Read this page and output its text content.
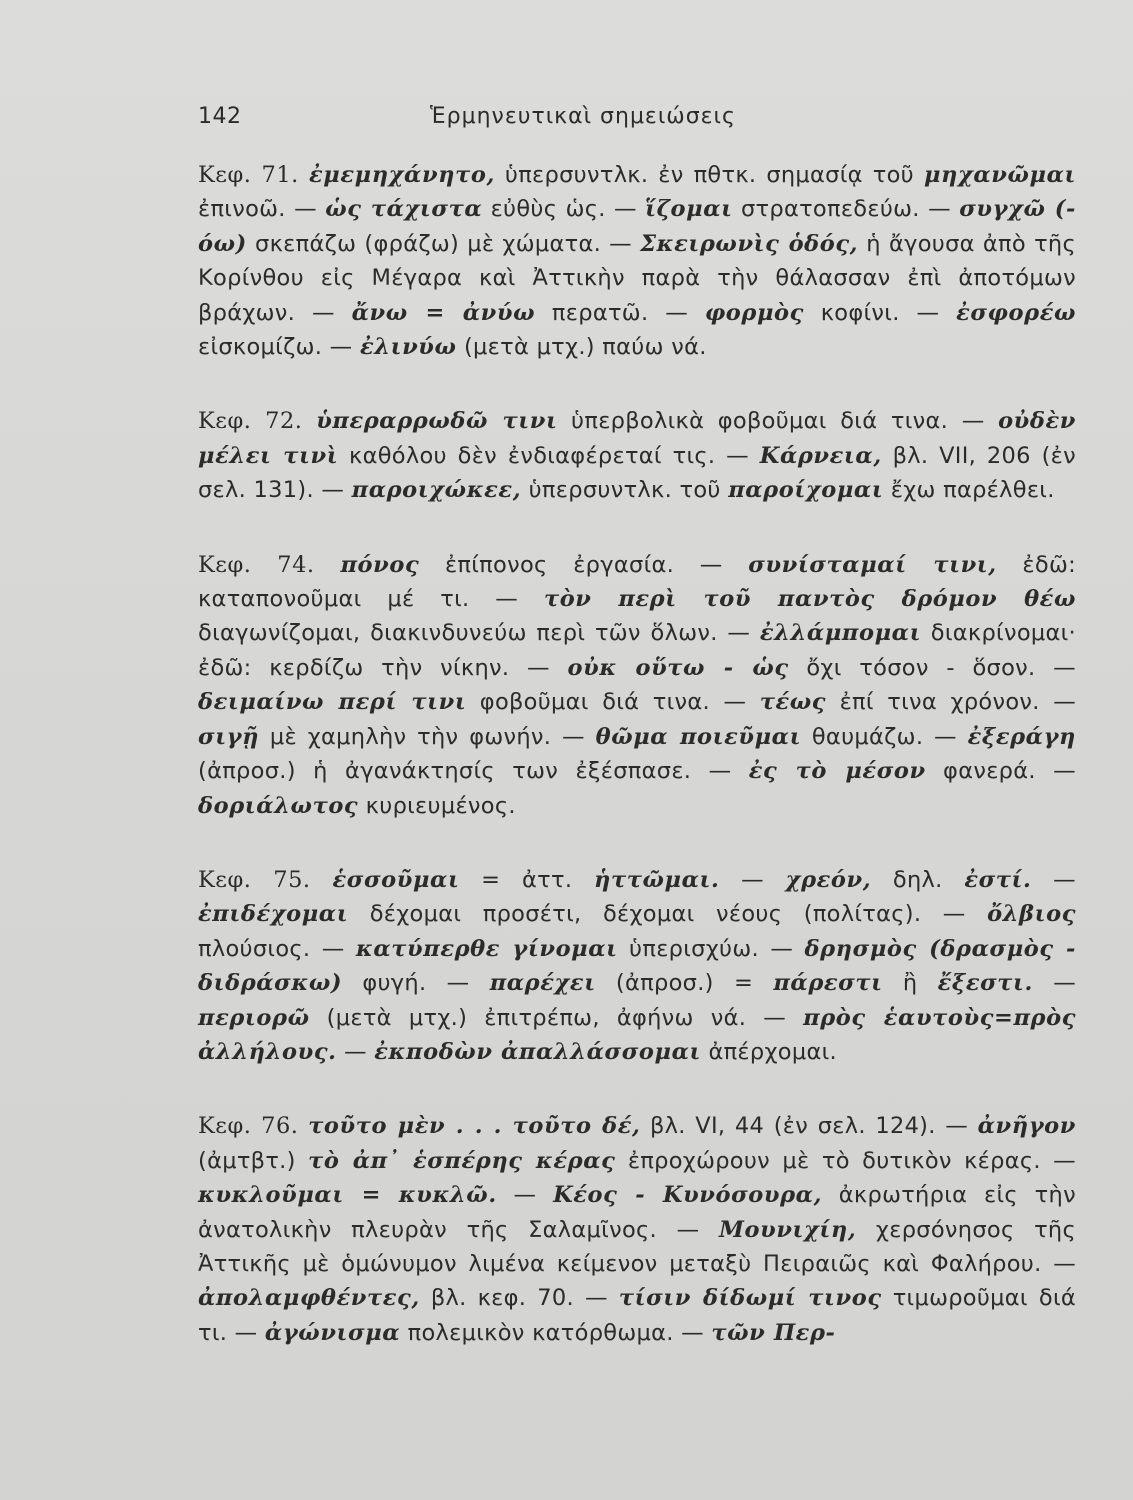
142	Ἑρμηνευτικαὶ σημειώσεις

Κεφ. 71. ἐμεμηχάνητο, ὑπερσυντλκ. ἐν πθτκ. σημασίᾳ τοῦ μηχανῶμαι ἐπινοῶ. — ὡς τάχιστα εὐθὺς ὡς. — ἵζομαι στρατοπεδεύω. — συγχῶ (-όω) σκεπάζω (φράζω) μὲ χώματα. — Σκειρωνὶς ὁδός, ἡ ἄγουσα ἀπὸ τῆς Κορίνθου εἰς Μέγαρα καὶ Ἀττικὴν παρὰ τὴν θάλασσαν ἐπὶ ἀποτόμων βράχων. — ἄνω = ἀνύω περατῶ. — φορμὸς κοφίνι. — ἐσφορέω εἰσκομίζω. — ἐλινύω (μετὰ μτχ.) παύω νά.

Κεφ. 72. ὑπεραρρωδῶ τινι ὑπερβολικὰ φοβοῦμαι διά τινα. — οὐδὲν μέλει τινὶ καθόλου δὲν ἐνδιαφέρεταί τις. — Κάρνεια, βλ. VII, 206 (ἐν σελ. 131). — παροιχώκεε, ὑπερσυντλκ. τοῦ παροίχομαι ἔχω παρέλθει.

Κεφ. 74. πόνος ἐπίπονος ἐργασία. — συνίσταμαί τινι, ἐδῶ: καταπονοῦμαι μέ τι. — τὸν περὶ τοῦ παντὸς δρόμον θέω διαγωνίζομαι, διακινδυνεύω περὶ τῶν ὅλων. — ἐλλάμπομαι διακρίνομαι· ἐδῶ: κερδίζω τὴν νίκην. — οὐκ οὕτω - ὡς ὄχι τόσον - ὅσον. — δειμαίνω περί τινι φοβοῦμαι διά τινα. — τέως ἐπί τινα χρόνον. — σιγῇ μὲ χαμηλὴν τὴν φωνήν. — θῶμα ποιεῦμαι θαυμάζω. — ἐξεράγη (ἀπροσ.) ἡ ἀγανάκτησίς των ἐξέσπασε. — ἐς τὸ μέσον φανερά. — δοριάλωτος κυριευμένος.

Κεφ. 75. ἑσσοῦμαι = ἀττ. ἡττῶμαι. — χρεόν, δηλ. ἐστί. — ἐπιδέχομαι δέχομαι προσέτι, δέχομαι νέους (πολίτας). — ὄλβιος πλούσιος. — κατύπερθε γίνομαι ὑπερισχύω. — δρησμὸς (δρασμὸς - διδράσκω) φυγή. — παρέχει (ἀπροσ.) = πάρεστι ἢ ἔξεστι. — περιορῶ (μετὰ μτχ.) ἐπιτρέπω, ἀφήνω νά. — πρὸς ἑαυτοὺς=πρὸς ἀλλήλους. — ἐκποδὼν ἀπαλλάσσομαι ἀπέρχομαι.

Κεφ. 76. τοῦτο μὲν . . . τοῦτο δέ, βλ. VI, 44 (ἐν σελ. 124). — ἀνῆγον (ἀμτβτ.) τὸ ἀπ᾽ ἑσπέρης κέρας ἐπροχώρουν μὲ τὸ δυτικὸν κέρας. — κυκλοῦμαι = κυκλῶ. — Κέος - Κυνόσουρα, ἀκρωτήρια εἰς τὴν ἀνατολικὴν πλευρὰν τῆς Σαλαμῖνος. — Μουνιχίη, χερσόνησος τῆς Ἀττικῆς μὲ ὁμώνυμον λιμένα κείμενον μεταξὺ Πειραιῶς καὶ Φαλήρου. — ἀπολαμφθέντες, βλ. κεφ. 70. — τίσιν δίδωμί τινος τιμωροῦμαι διά τι. — ἀγώνισμα πολεμικὸν κατόρθωμα. — τῶν Περ-
